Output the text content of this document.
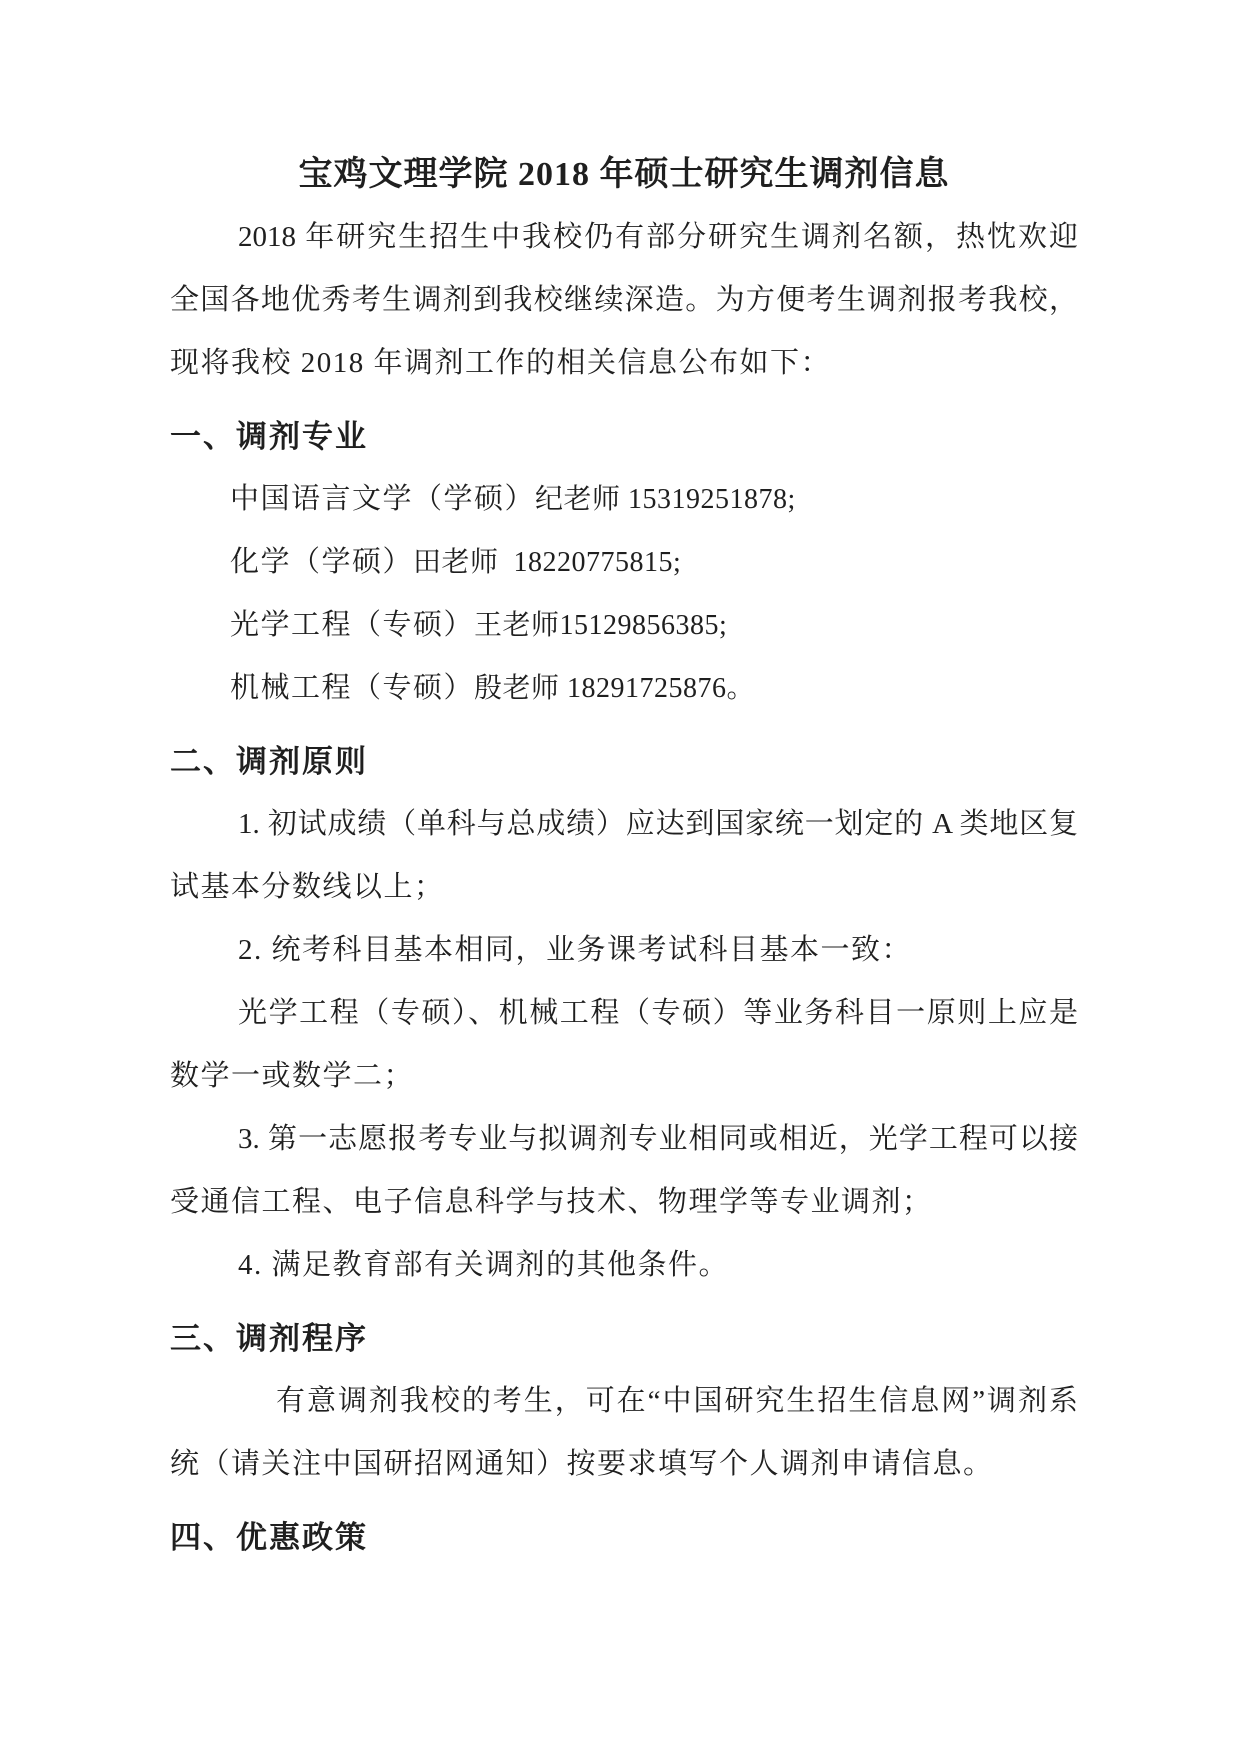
宝鸡文理学院 2018 年硕士研究生调剂信息

2018 年研究生招生中我校仍有部分研究生调剂名额，热忱欢迎

全国各地优秀考生调剂到我校继续深造。为方便考生调剂报考我校，

现将我校 2018 年调剂工作的相关信息公布如下：

一、调剂专业

中国语言文学（学硕）纪老师 15319251878;

化学（学硕）田老师  18220775815;

光学工程（专硕）王老师15129856385;

机械工程（专硕）殷老师 18291725876。

二、调剂原则

1. 初试成绩（单科与总成绩）应达到国家统一划定的 A 类地区复

试基本分数线以上；

2. 统考科目基本相同，业务课考试科目基本一致：

光学工程（专硕）、机械工程（专硕）等业务科目一原则上应是

数学一或数学二；

3. 第一志愿报考专业与拟调剂专业相同或相近，光学工程可以接

受通信工程、电子信息科学与技术、物理学等专业调剂；

4. 满足教育部有关调剂的其他条件。

三、调剂程序

有意调剂我校的考生，可在“中国研究生招生信息网”调剂系

统（请关注中国研招网通知）按要求填写个人调剂申请信息。

四、优惠政策
